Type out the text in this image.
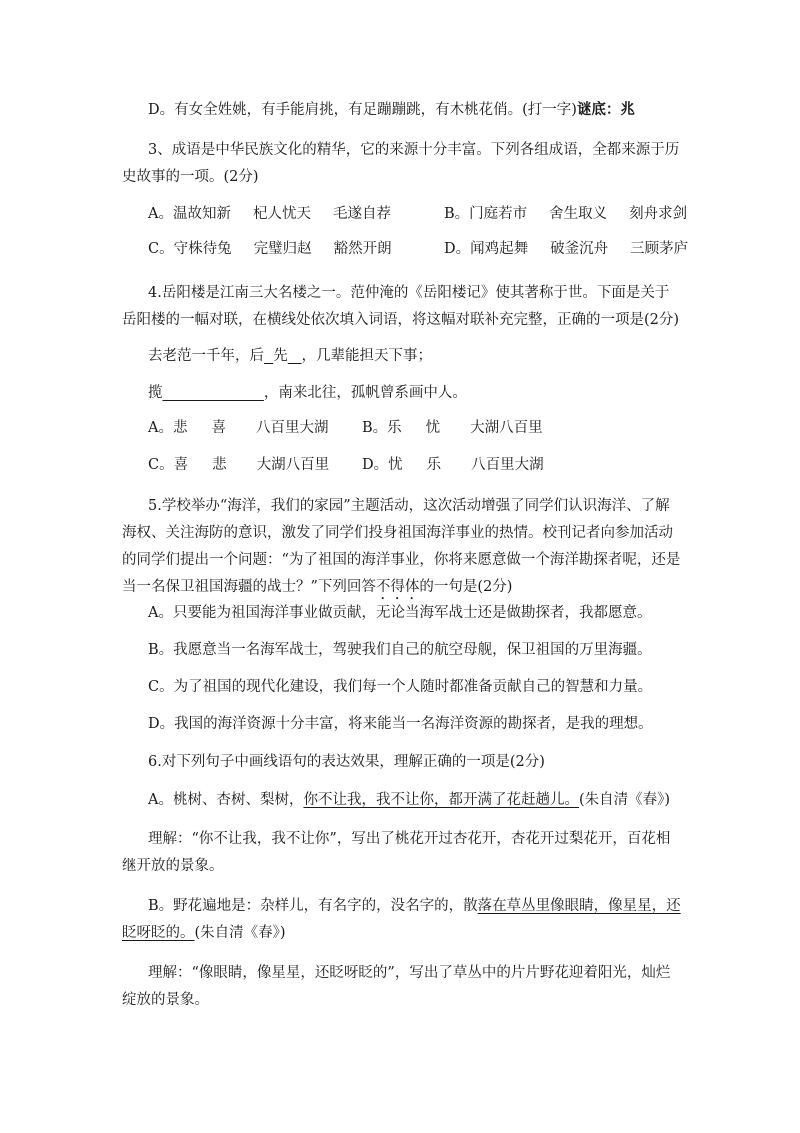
D。有女全姓姚，有手能肩挑，有足蹦蹦跳，有木桃花俏。(打一字)谜底：兆
3、成语是中华民族文化的精华，它的来源十分丰富。下列各组成语，全都来源于历史故事的一项。(2分)
A。温故知新 杞人忧天 毛遂自荐	B。门庭若市 舍生取义 刻舟求剑
C。守株待兔 完璧归赵 豁然开朗	D。闻鸡起舞 破釜沉舟 三顾茅庐
4.岳阳楼是江南三大名楼之一。范仲淹的《岳阳楼记》使其著称于世。下面是关于岳阳楼的一幅对联，在横线处依次填入词语，将这幅对联补充完整，正确的一项是(2分)
去老范一千年，后 先 ，几辈能担天下事；
揽	，南来北往，孤帆曾系画中人。
A。悲 喜 八百里大湖 B。乐 忧 大湖八百里
C。喜 悲 大湖八百里 D。忧 乐 八百里大湖
5.学校举办“海洋，我们的家园”主题活动，这次活动增强了同学们认识海洋、了解海权、关注海防的意识，激发了同学们投身祖国海洋事业的热情。校刊记者向参加活动的同学们提出一个问题：“为了祖国的海洋事业，你将来愿意做一个海洋勘探者呢，还是当一名保卫祖国海疆的战士？”下列回答不得体的一句是(2分)
A。只要能为祖国海洋事业做贡献，无论当海军战士还是做勘探者，我都愿意。
B。我愿意当一名海军战士，驾驶我们自己的航空母舰，保卫祖国的万里海疆。
C。为了祖国的现代化建设，我们每一个人随时都准备贡献自己的智慧和力量。
D。我国的海洋资源十分丰富，将来能当一名海洋资源的勘探者，是我的理想。
6.对下列句子中画线语句的表达效果，理解正确的一项是(2分)
A。桃树、杏树、梨树，你不让我，我不让你，都开满了花赶趟儿。(朱自清《春》)
理解：“你不让我，我不让你”，写出了桃花开过杏花开，杏花开过梨花开，百花相继开放的景象。
B。野花遍地是：杂样儿，有名字的，没名字的，散落在草丛里像眼睛，像星星，还眨呀眨的。(朱自清《春》)
理解：“像眼睛，像星星，还眨呀眨的”，写出了草丛中的片片野花迎着阳光，灿烂绽放的景象。
